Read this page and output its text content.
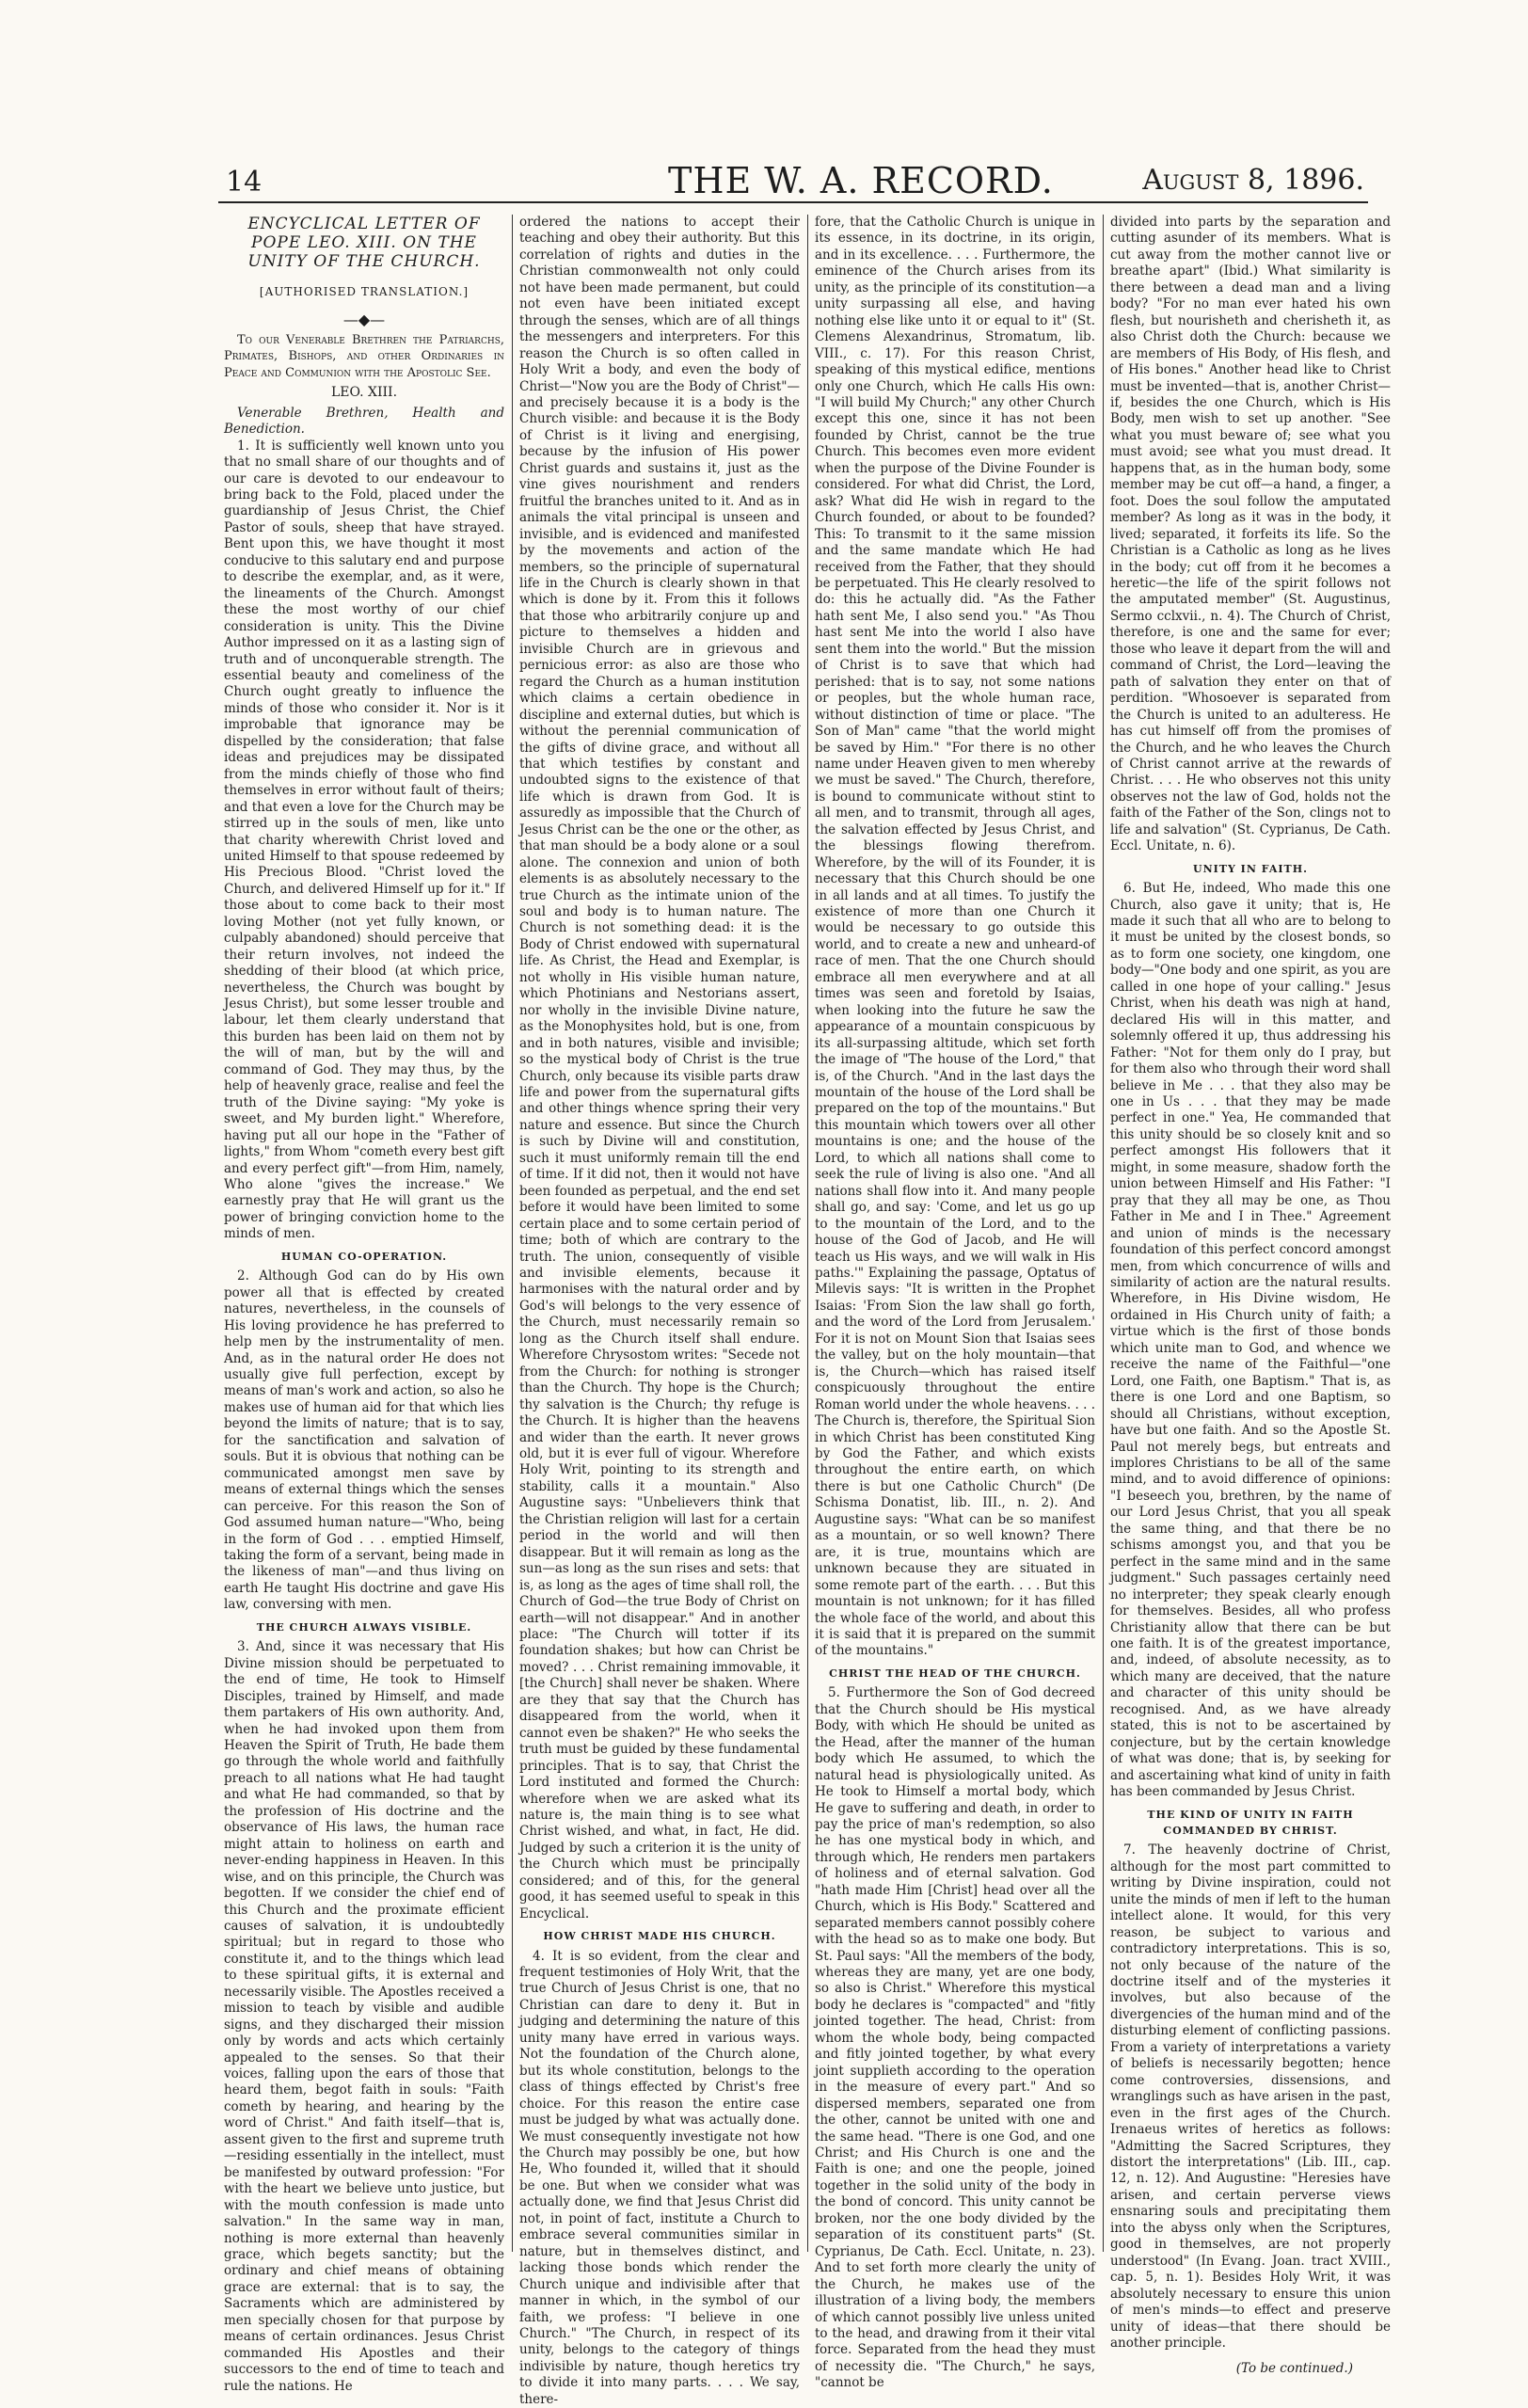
14	THE W. A. RECORD.	August 8, 1896.
ENCYCLICAL LETTER OF POPE LEO. XIII. ON THE UNITY OF THE CHURCH.
[AUTHORISED TRANSLATION.]
—◆—

To our Venerable Brethren the Patriarchs, Primates, Bishops, and other Ordinaries in Peace and Communion with the Apostolic See.

LEO. XIII.

Venerable Brethren, Health and Benediction.

1. It is sufficiently well known unto you that no small share of our thoughts and of our care is devoted to our endeavour to bring back to the Fold, placed under the guardianship of Jesus Christ, the Chief Pastor of souls, sheep that have strayed. Bent upon this, we have thought it most conducive to this salutary end and purpose to describe the exemplar, and, as it were, the lineaments of the Church. Amongst these the most worthy of our chief consideration is unity. This the Divine Author impressed on it as a lasting sign of truth and of unconquerable strength. The essential beauty and comeliness of the Church ought greatly to influence the minds of those who consider it. Nor is it improbable that ignorance may be dispelled by the consideration; that false ideas and prejudices may be dissipated from the minds chiefly of those who find themselves in error without fault of theirs; and that even a love for the Church may be stirred up in the souls of men, like unto that charity wherewith Christ loved and united Himself to that spouse redeemed by His Precious Blood. "Christ loved the Church, and delivered Himself up for it." If those about to come back to their most loving Mother (not yet fully known, or culpably abandoned) should perceive that their return involves, not indeed the shedding of their blood (at which price, nevertheless, the Church was bought by Jesus Christ), but some lesser trouble and labour, let them clearly understand that this burden has been laid on them not by the will of man, but by the will and command of God. They may thus, by the help of heavenly grace, realise and feel the truth of the Divine saying: "My yoke is sweet, and My burden light." Wherefore, having put all our hope in the "Father of lights," from Whom "cometh every best gift and every perfect gift"—from Him, namely, Who alone "gives the increase." We earnestly pray that He will grant us the power of bringing conviction home to the minds of men.

HUMAN CO-OPERATION.

2. Although God can do by His own power all that is effected by created natures, nevertheless, in the counsels of His loving providence he has preferred to help men by the instrumentality of men. And, as in the natural order He does not usually give full perfection, except by means of man's work and action, so also he makes use of human aid for that which lies beyond the limits of nature; that is to say, for the sanctification and salvation of souls. But it is obvious that nothing can be communicated amongst men save by means of external things which the senses can perceive. For this reason the Son of God assumed human nature—"Who, being in the form of God . . . emptied Himself, taking the form of a servant, being made in the likeness of man"—and thus living on earth He taught His doctrine and gave His law, conversing with men.

THE CHURCH ALWAYS VISIBLE.

3. And, since it was necessary that His Divine mission should be perpetuated to the end of time, He took to Himself Disciples, trained by Himself, and made them partakers of His own authority. And, when he had invoked upon them from Heaven the Spirit of Truth, He bade them go through the whole world and faithfully preach to all nations what He had taught and what He had commanded, so that by the profession of His doctrine and the observance of His laws, the human race might attain to holiness on earth and never-ending happiness in Heaven. In this wise, and on this principle, the Church was begotten. If we consider the chief end of this Church and the proximate efficient causes of salvation, it is undoubtedly spiritual; but in regard to those who constitute it, and to the things which lead to these spiritual gifts, it is external and necessarily visible. The Apostles received a mission to teach by visible and audible signs, and they discharged their mission only by words and acts which certainly appealed to the senses. So that their voices, falling upon the ears of those that heard them, begot faith in souls: "Faith cometh by hearing, and hearing by the word of Christ." And faith itself—that is, assent given to the first and supreme truth—residing essentially in the intellect, must be manifested by outward profession: "For with the heart we believe unto justice, but with the mouth confession is made unto salvation." In the same way in man, nothing is more external than heavenly grace, which begets sanctity; but the ordinary and chief means of obtaining grace are external: that is to say, the Sacraments which are administered by men specially chosen for that purpose by means of certain ordinances. Jesus Christ commanded His Apostles and their successors to the end of time to teach and rule the nations. He

ordered the nations to accept their teaching and obey their authority. But this correlation of rights and duties in the Christian commonwealth not only could not have been made permanent, but could not even have been initiated except through the senses, which are of all things the messengers and interpreters. For this reason the Church is so often called in Holy Writ a body, and even the body of Christ—"Now you are the Body of Christ"—and precisely because it is a body is the Church visible: and because it is the Body of Christ is it living and energising, because by the infusion of His power Christ guards and sustains it, just as the vine gives nourishment and renders fruitful the branches united to it. And as in animals the vital principal is unseen and invisible, and is evidenced and manifested by the movements and action of the members, so the principle of supernatural life in the Church is clearly shown in that which is done by it. From this it follows that those who arbitrarily conjure up and picture to themselves a hidden and invisible Church are in grievous and pernicious error: as also are those who regard the Church as a human institution which claims a certain obedience in discipline and external duties, but which is without the perennial communication of the gifts of divine grace, and without all that which testifies by constant and undoubted signs to the existence of that life which is drawn from God. It is assuredly as impossible that the Church of Jesus Christ can be the one or the other, as that man should be a body alone or a soul alone. The connexion and union of both elements is as absolutely necessary to the true Church as the intimate union of the soul and body is to human nature. The Church is not something dead: it is the Body of Christ endowed with supernatural life. As Christ, the Head and Exemplar, is not wholly in His visible human nature, which Photinians and Nestorians assert, nor wholly in the invisible Divine nature, as the Monophysites hold, but is one, from and in both natures, visible and invisible; so the mystical body of Christ is the true Church, only because its visible parts draw life and power from the supernatural gifts and other things whence spring their very nature and essence. But since the Church is such by Divine will and constitution, such it must uniformly remain till the end of time. If it did not, then it would not have been founded as perpetual, and the end set before it would have been limited to some certain place and to some certain period of time; both of which are contrary to the truth. The union, consequently of visible and invisible elements, because it harmonises with the natural order and by God's will belongs to the very essence of the Church, must necessarily remain so long as the Church itself shall endure. Wherefore Chrysostom writes: "Secede not from the Church: for nothing is stronger than the Church. Thy hope is the Church; thy salvation is the Church; thy refuge is the Church. It is higher than the heavens and wider than the earth. It never grows old, but it is ever full of vigour. Wherefore Holy Writ, pointing to its strength and stability, calls it a mountain." Also Augustine says: "Unbelievers think that the Christian religion will last for a certain period in the world and will then disappear. But it will remain as long as the sun—as long as the sun rises and sets: that is, as long as the ages of time shall roll, the Church of God—the true Body of Christ on earth—will not disappear." And in another place: "The Church will totter if its foundation shakes; but how can Christ be moved? . . . Christ remaining immovable, it [the Church] shall never be shaken. Where are they that say that the Church has disappeared from the world, when it cannot even be shaken?" He who seeks the truth must be guided by these fundamental principles. That is to say, that Christ the Lord instituted and formed the Church: wherefore when we are asked what its nature is, the main thing is to see what Christ wished, and what, in fact, He did. Judged by such a criterion it is the unity of the Church which must be principally considered; and of this, for the general good, it has seemed useful to speak in this Encyclical.

HOW CHRIST MADE HIS CHURCH.

4. It is so evident, from the clear and frequent testimonies of Holy Writ, that the true Church of Jesus Christ is one, that no Christian can dare to deny it. But in judging and determining the nature of this unity many have erred in various ways. Not the foundation of the Church alone, but its whole constitution, belongs to the class of things effected by Christ's free choice. For this reason the entire case must be judged by what was actually done. We must consequently investigate not how the Church may possibly be one, but how He, Who founded it, willed that it should be one. But when we consider what was actually done, we find that Jesus Christ did not, in point of fact, institute a Church to embrace several communities similar in nature, but in themselves distinct, and lacking those bonds which render the Church unique and indivisible after that manner in which, in the symbol of our faith, we profess: "I believe in one Church." "The Church, in respect of its unity, belongs to the category of things indivisible by nature, though heretics try to divide it into many parts. . . . We say, there-

fore, that the Catholic Church is unique in its essence, in its doctrine, in its origin, and in its excellence. . . . Furthermore, the eminence of the Church arises from its unity, as the principle of its constitution—a unity surpassing all else, and having nothing else like unto it or equal to it" (St. Clemens Alexandrinus, Stromatum, lib. VIII., c. 17). For this reason Christ, speaking of this mystical edifice, mentions only one Church, which He calls His own: "I will build My Church;" any other Church except this one, since it has not been founded by Christ, cannot be the true Church. This becomes even more evident when the purpose of the Divine Founder is considered. For what did Christ, the Lord, ask? What did He wish in regard to the Church founded, or about to be founded? This: To transmit to it the same mission and the same mandate which He had received from the Father, that they should be perpetuated. This He clearly resolved to do: this he actually did. "As the Father hath sent Me, I also send you." "As Thou hast sent Me into the world I also have sent them into the world." But the mission of Christ is to save that which had perished: that is to say, not some nations or peoples, but the whole human race, without distinction of time or place. "The Son of Man" came "that the world might be saved by Him." "For there is no other name under Heaven given to men whereby we must be saved." The Church, therefore, is bound to communicate without stint to all men, and to transmit, through all ages, the salvation effected by Jesus Christ, and the blessings flowing therefrom. Wherefore, by the will of its Founder, it is necessary that this Church should be one in all lands and at all times. To justify the existence of more than one Church it would be necessary to go outside this world, and to create a new and unheard-of race of men. That the one Church should embrace all men everywhere and at all times was seen and foretold by Isaias, when looking into the future he saw the appearance of a mountain conspicuous by its all-surpassing altitude, which set forth the image of "The house of the Lord," that is, of the Church. "And in the last days the mountain of the house of the Lord shall be prepared on the top of the mountains." But this mountain which towers over all other mountains is one; and the house of the Lord, to which all nations shall come to seek the rule of living is also one. "And all nations shall flow into it. And many people shall go, and say: 'Come, and let us go up to the mountain of the Lord, and to the house of the God of Jacob, and He will teach us His ways, and we will walk in His paths.'" Explaining the passage, Optatus of Milevis says: "It is written in the Prophet Isaias: 'From Sion the law shall go forth, and the word of the Lord from Jerusalem.' For it is not on Mount Sion that Isaias sees the valley, but on the holy mountain—that is, the Church—which has raised itself conspicuously throughout the entire Roman world under the whole heavens. . . . The Church is, therefore, the Spiritual Sion in which Christ has been constituted King by God the Father, and which exists throughout the entire earth, on which there is but one Catholic Church" (De Schisma Donatist, lib. III., n. 2). And Augustine says: "What can be so manifest as a mountain, or so well known? There are, it is true, mountains which are unknown because they are situated in some remote part of the earth. . . . But this mountain is not unknown; for it has filled the whole face of the world, and about this it is said that it is prepared on the summit of the mountains."

CHRIST THE HEAD OF THE CHURCH.

5. Furthermore the Son of God decreed that the Church should be His mystical Body, with which He should be united as the Head, after the manner of the human body which He assumed, to which the natural head is physiologically united. As He took to Himself a mortal body, which He gave to suffering and death, in order to pay the price of man's redemption, so also he has one mystical body in which, and through which, He renders men partakers of holiness and of eternal salvation. God "hath made Him [Christ] head over all the Church, which is His Body." Scattered and separated members cannot possibly cohere with the head so as to make one body. But St. Paul says: "All the members of the body, whereas they are many, yet are one body, so also is Christ." Wherefore this mystical body he declares is "compacted" and "fitly jointed together. The head, Christ: from whom the whole body, being compacted and fitly jointed together, by what every joint supplieth according to the operation in the measure of every part." And so dispersed members, separated one from the other, cannot be united with one and the same head. "There is one God, and one Christ; and His Church is one and the Faith is one; and one the people, joined together in the solid unity of the body in the bond of concord. This unity cannot be broken, nor the one body divided by the separation of its constituent parts" (St. Cyprianus, De Cath. Eccl. Unitate, n. 23). And to set forth more clearly the unity of the Church, he makes use of the illustration of a living body, the members of which cannot possibly live unless united to the head, and drawing from it their vital force. Separated from the head they must of necessity die. "The Church," he says, "cannot be

divided into parts by the separation and cutting asunder of its members. What is cut away from the mother cannot live or breathe apart" (Ibid.) What similarity is there between a dead man and a living body? "For no man ever hated his own flesh, but nourisheth and cherisheth it, as also Christ doth the Church: because we are members of His Body, of His flesh, and of His bones." Another head like to Christ must be invented—that is, another Christ—if, besides the one Church, which is His Body, men wish to set up another. "See what you must beware of; see what you must avoid; see what you must dread. It happens that, as in the human body, some member may be cut off—a hand, a finger, a foot. Does the soul follow the amputated member? As long as it was in the body, it lived; separated, it forfeits its life. So the Christian is a Catholic as long as he lives in the body; cut off from it he becomes a heretic—the life of the spirit follows not the amputated member" (St. Augustinus, Sermo cclxvii., n. 4). The Church of Christ, therefore, is one and the same for ever; those who leave it depart from the will and command of Christ, the Lord—leaving the path of salvation they enter on that of perdition. "Whosoever is separated from the Church is united to an adulteress. He has cut himself off from the promises of the Church, and he who leaves the Church of Christ cannot arrive at the rewards of Christ. . . . He who observes not this unity observes not the law of God, holds not the faith of the Father of the Son, clings not to life and salvation" (St. Cyprianus, De Cath. Eccl. Unitate, n. 6).

UNITY IN FAITH.

6. But He, indeed, Who made this one Church, also gave it unity; that is, He made it such that all who are to belong to it must be united by the closest bonds, so as to form one society, one kingdom, one body—"One body and one spirit, as you are called in one hope of your calling." Jesus Christ, when his death was nigh at hand, declared His will in this matter, and solemnly offered it up, thus addressing his Father: "Not for them only do I pray, but for them also who through their word shall believe in Me . . . that they also may be one in Us . . . that they may be made perfect in one." Yea, He commanded that this unity should be so closely knit and so perfect amongst His followers that it might, in some measure, shadow forth the union between Himself and His Father: "I pray that they all may be one, as Thou Father in Me and I in Thee." Agreement and union of minds is the necessary foundation of this perfect concord amongst men, from which concurrence of wills and similarity of action are the natural results. Wherefore, in His Divine wisdom, He ordained in His Church unity of faith; a virtue which is the first of those bonds which unite man to God, and whence we receive the name of the Faithful—"one Lord, one Faith, one Baptism." That is, as there is one Lord and one Baptism, so should all Christians, without exception, have but one faith. And so the Apostle St. Paul not merely begs, but entreats and implores Christians to be all of the same mind, and to avoid difference of opinions: "I beseech you, brethren, by the name of our Lord Jesus Christ, that you all speak the same thing, and that there be no schisms amongst you, and that you be perfect in the same mind and in the same judgment." Such passages certainly need no interpreter; they speak clearly enough for themselves. Besides, all who profess Christianity allow that there can be but one faith. It is of the greatest importance, and, indeed, of absolute necessity, as to which many are deceived, that the nature and character of this unity should be recognised. And, as we have already stated, this is not to be ascertained by conjecture, but by the certain knowledge of what was done; that is, by seeking for and ascertaining what kind of unity in faith has been commanded by Jesus Christ.

THE KIND OF UNITY IN FAITH COMMANDED BY CHRIST.

7. The heavenly doctrine of Christ, although for the most part committed to writing by Divine inspiration, could not unite the minds of men if left to the human intellect alone. It would, for this very reason, be subject to various and contradictory interpretations. This is so, not only because of the nature of the doctrine itself and of the mysteries it involves, but also because of the divergencies of the human mind and of the disturbing element of conflicting passions. From a variety of interpretations a variety of beliefs is necessarily begotten; hence come controversies, dissensions, and wranglings such as have arisen in the past, even in the first ages of the Church. Irenaeus writes of heretics as follows: "Admitting the Sacred Scriptures, they distort the interpretations" (Lib. III., cap. 12, n. 12). And Augustine: "Heresies have arisen, and certain perverse views ensnaring souls and precipitating them into the abyss only when the Scriptures, good in themselves, are not properly understood" (In Evang. Joan. tract XVIII., cap. 5, n. 1). Besides Holy Writ, it was absolutely necessary to ensure this union of men's minds—to effect and preserve unity of ideas—that there should be another principle.

(To be continued.)
